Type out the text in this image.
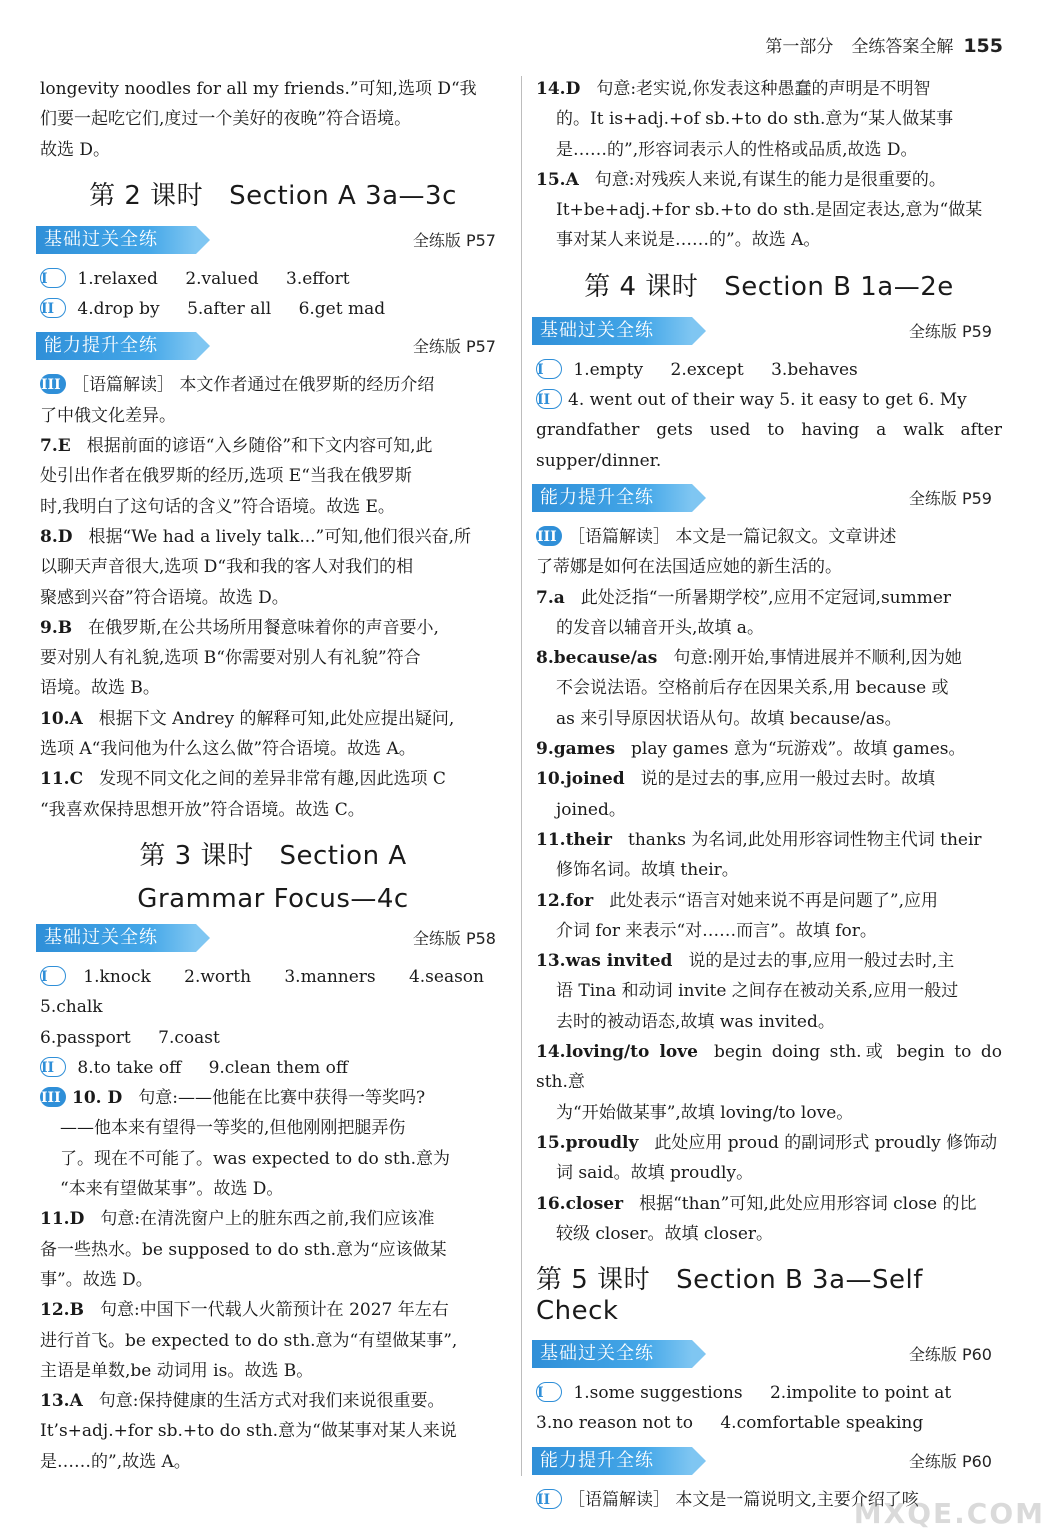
第一部分 全练答案全解 155

longevity noodles for all my friends.”可知,选项 D“我

们要一起吃它们,度过一个美好的夜晚”符合语境。

故选 D。

第 2 课时 Section A 3a—3c
基础过关全练	全练版 P57

I 1.relaxed 2.valued 3.effort

II 4.drop by 5.after all 6.get mad

能力提升全练	全练版 P57

III ［语篇解读］ 本文作者通过在俄罗斯的经历介绍

了中俄文化差异。

7.E 根据前面的谚语“入乡随俗”和下文内容可知,此

处引出作者在俄罗斯的经历,选项 E“当我在俄罗斯

时,我明白了这句话的含义”符合语境。故选 E。

8.D 根据“We had a lively talk...”可知,他们很兴奋,所

以聊天声音很大,选项 D“我和我的客人对我们的相

聚感到兴奋”符合语境。故选 D。

9.B 在俄罗斯,在公共场所用餐意味着你的声音要小,

要对别人有礼貌,选项 B“你需要对别人有礼貌”符合

语境。故选 B。

10.A 根据下文 Andrey 的解释可知,此处应提出疑问,

选项 A“我问他为什么这么做”符合语境。故选 A。

11.C 发现不同文化之间的差异非常有趣,因此选项 C

“我喜欢保持思想开放”符合语境。故选 C。

第 3 课时 Section A
Grammar Focus—4c
基础过关全练	全练版 P58

I 1.knock 2.worth 3.manners 4.season 5.chalk

6.passport 7.coast

II 8.to take off 9.clean them off

III 10. D 句意:——他能在比赛中获得一等奖吗?

——他本来有望得一等奖的,但他刚刚把腿弄伤

了。现在不可能了。was expected to do sth.意为

“本来有望做某事”。故选 D。

11.D 句意:在清洗窗户上的脏东西之前,我们应该准

备一些热水。be supposed to do sth.意为“应该做某

事”。故选 D。

12.B 句意:中国下一代载人火箭预计在 2027 年左右

进行首飞。be expected to do sth.意为“有望做某事”,

主语是单数,be 动词用 is。故选 B。

13.A 句意:保持健康的生活方式对我们来说很重要。

It’s+adj.+for sb.+to do sth.意为“做某事对某人来说

是……的”,故选 A。

14.D 句意:老实说,你发表这种愚蠢的声明是不明智

的。It is+adj.+of sb.+to do sth.意为“某人做某事

是……的”,形容词表示人的性格或品质,故选 D。

15.A 句意:对残疾人来说,有谋生的能力是很重要的。

It+be+adj.+for sb.+to do sth.是固定表达,意为“做某

事对某人来说是……的”。故选 A。

第 4 课时 Section B 1a—2e
基础过关全练	全练版 P59

I 1.empty 2.except 3.behaves

II 4. went out of their way 5. it easy to get 6. My

grandfather gets used to having a walk after supper/dinner.

能力提升全练	全练版 P59

III ［语篇解读］ 本文是一篇记叙文。文章讲述

了蒂娜是如何在法国适应她的新生活的。

7.a 此处泛指“一所暑期学校”,应用不定冠词,summer

的发音以辅音开头,故填 a。

8.because/as 句意:刚开始,事情进展并不顺利,因为她

不会说法语。空格前后存在因果关系,用 because 或

as 来引导原因状语从句。故填 because/as。

9.games play games 意为“玩游戏”。故填 games。

10.joined 说的是过去的事,应用一般过去时。故填

joined。

11.their thanks 为名词,此处用形容词性物主代词 their

修饰名词。故填 their。

12.for 此处表示“语言对她来说不再是问题了”,应用

介词 for 来表示“对……而言”。故填 for。

13.was invited 说的是过去的事,应用一般过去时,主

语 Tina 和动词 invite 之间存在被动关系,应用一般过

去时的被动语态,故填 was invited。

14.loving/to love begin doing sth.或 begin to do sth.意

为“开始做某事”,故填 loving/to love。

15.proudly 此处应用 proud 的副词形式 proudly 修饰动

词 said。故填 proudly。

16.closer 根据“than”可知,此处应用形容词 close 的比

较级 closer。故填 closer。

第 5 课时 Section B 3a—Self Check
基础过关全练	全练版 P60

I 1.some suggestions 2.impolite to point at

3.no reason not to 4.comfortable speaking

能力提升全练	全练版 P60

II ［语篇解读］ 本文是一篇说明文,主要介绍了咳

MXQE.COM
